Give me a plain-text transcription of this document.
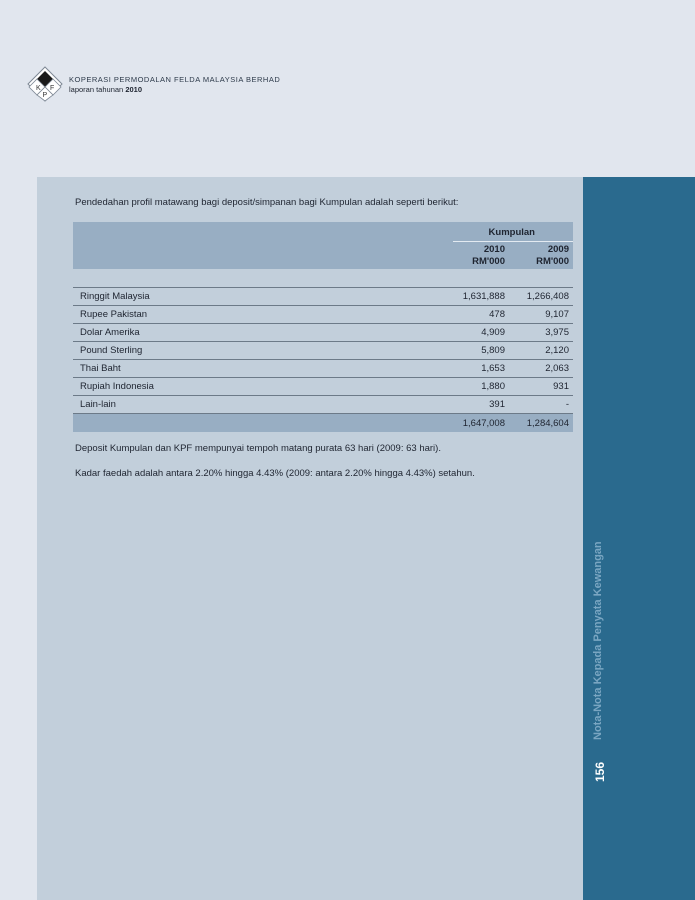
K
P
F
KOPERASI PERMODALAN FELDA MALAYSIA BERHAD
laporan tahunan 2010
Nota-Nota Kepada Penyata Kewangan
156
Pendedahan profil matawang bagi deposit/simpanan bagi Kumpulan adalah seperti berikut:
Kumpulan
2010
RM'000
2009
RM'000
Ringgit Malaysia	1,631,888 1,266,408
Rupee Pakistan	478	9,107
Dolar Amerika	4,909	3,975
Pound Sterling	5,809	2,120
Thai Baht	1,653	2,063
Rupiah Indonesia	1,880	931
Lain-lain	391	-
1,647,008 1,284,604
Deposit Kumpulan dan KPF mempunyai tempoh matang purata 63 hari (2009: 63 hari).
Kadar faedah adalah antara 2.20% hingga 4.43% (2009: antara 2.20% hingga 4.43%) setahun.
